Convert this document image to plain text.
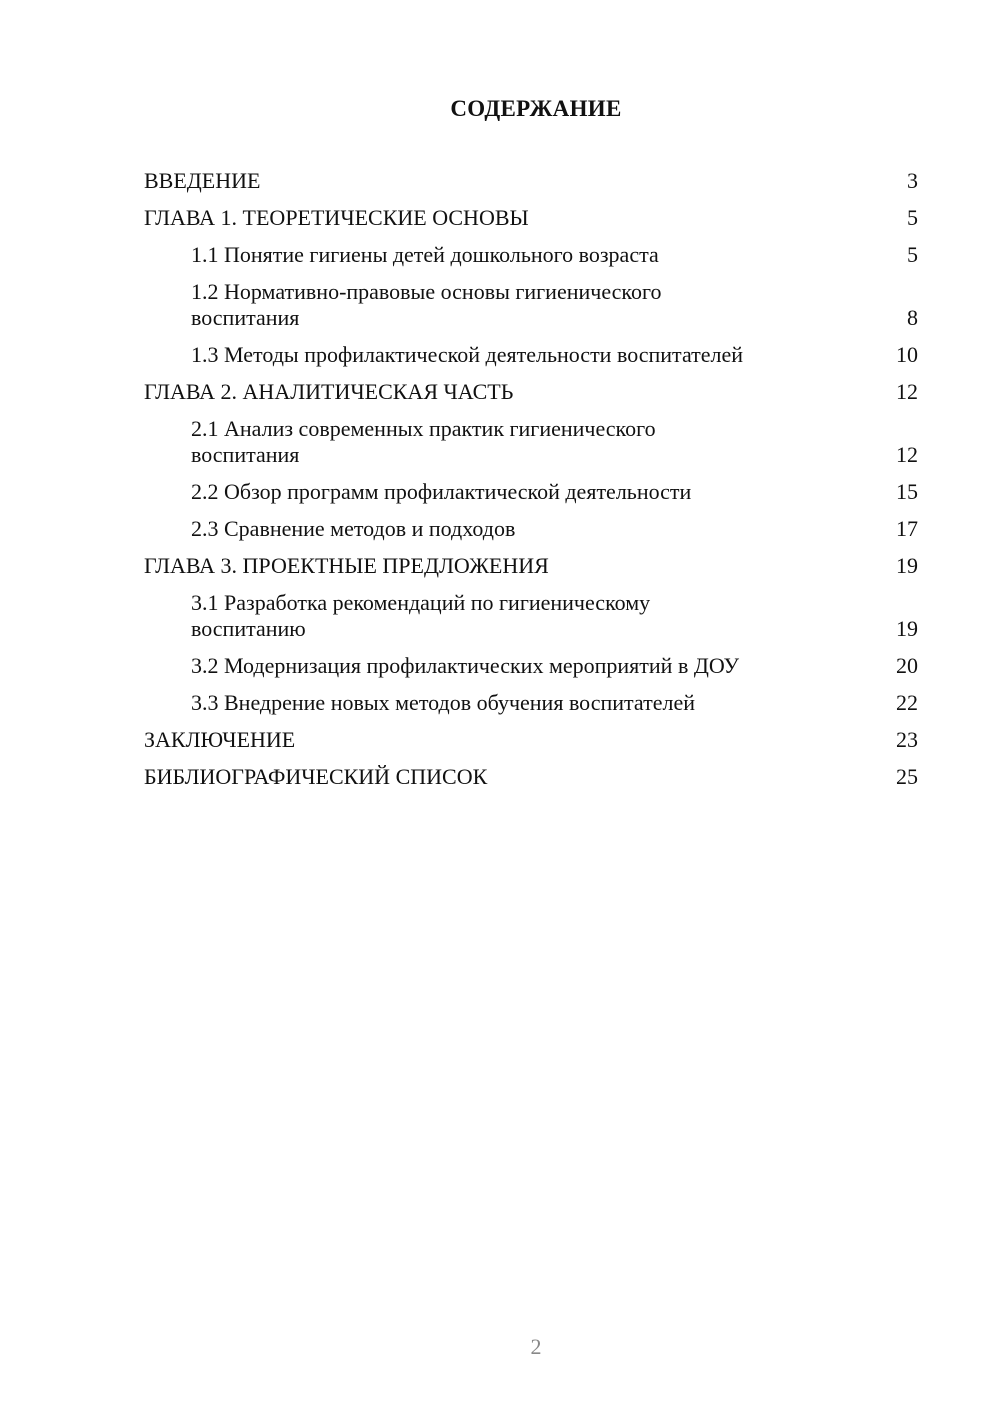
СОДЕРЖАНИЕ
ВВЕДЕНИЕ	3
ГЛАВА 1. ТЕОРЕТИЧЕСКИЕ ОСНОВЫ	5
1.1 Понятие гигиены детей дошкольного возраста	5
1.2 Нормативно-правовые основы гигиенического воспитания	8
1.3 Методы профилактической деятельности воспитателей	10
ГЛАВА 2. АНАЛИТИЧЕСКАЯ ЧАСТЬ	12
2.1 Анализ современных практик гигиенического воспитания	12
2.2 Обзор программ профилактической деятельности	15
2.3 Сравнение методов и подходов	17
ГЛАВА 3. ПРОЕКТНЫЕ ПРЕДЛОЖЕНИЯ	19
3.1 Разработка рекомендаций по гигиеническому воспитанию	19
3.2 Модернизация профилактических мероприятий в ДОУ	20
3.3 Внедрение новых методов обучения воспитателей	22
ЗАКЛЮЧЕНИЕ	23
БИБЛИОГРАФИЧЕСКИЙ СПИСОК	25
2
